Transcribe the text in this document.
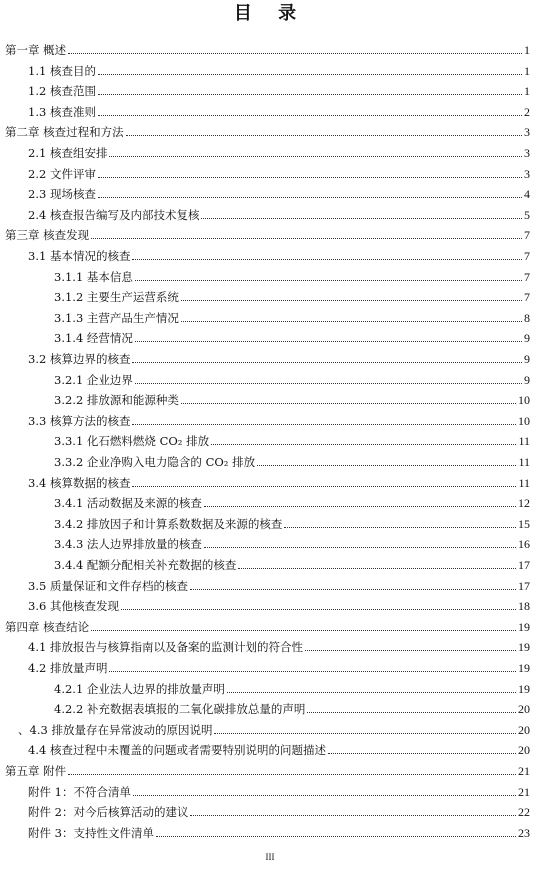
目 录
第一章 概述	1
1.1 核查目的	1
1.2 核查范围	1
1.3 核查准则	2
第二章 核查过程和方法	3
2.1 核查组安排	3
2.2 文件评审	3
2.3 现场核查	4
2.4 核查报告编写及内部技术复核	5
第三章 核查发现	7
3.1 基本情况的核查	7
3.1.1 基本信息	7
3.1.2 主要生产运营系统	7
3.1.3 主营产品生产情况	8
3.1.4 经营情况	9
3.2 核算边界的核查	9
3.2.1 企业边界	9
3.2.2 排放源和能源种类	10
3.3 核算方法的核查	10
3.3.1 化石燃料燃烧 CO₂ 排放	11
3.3.2 企业净购入电力隐含的 CO₂ 排放	11
3.4 核算数据的核查	11
3.4.1 活动数据及来源的核查	12
3.4.2 排放因子和计算系数数据及来源的核查	15
3.4.3 法人边界排放量的核查	16
3.4.4 配额分配相关补充数据的核查	17
3.5 质量保证和文件存档的核查	17
3.6 其他核查发现	18
第四章 核查结论	19
4.1 排放报告与核算指南以及备案的监测计划的符合性	19
4.2 排放量声明	19
4.2.1 企业法人边界的排放量声明	19
4.2.2 补充数据表填报的二氧化碳排放总量的声明	20
、4.3 排放量存在异常波动的原因说明	20
4.4 核查过程中未覆盖的问题或者需要特别说明的问题描述	20
第五章 附件	21
附件 1：不符合清单	21
附件 2：对今后核算活动的建议	22
附件 3：支持性文件清单	23
III
